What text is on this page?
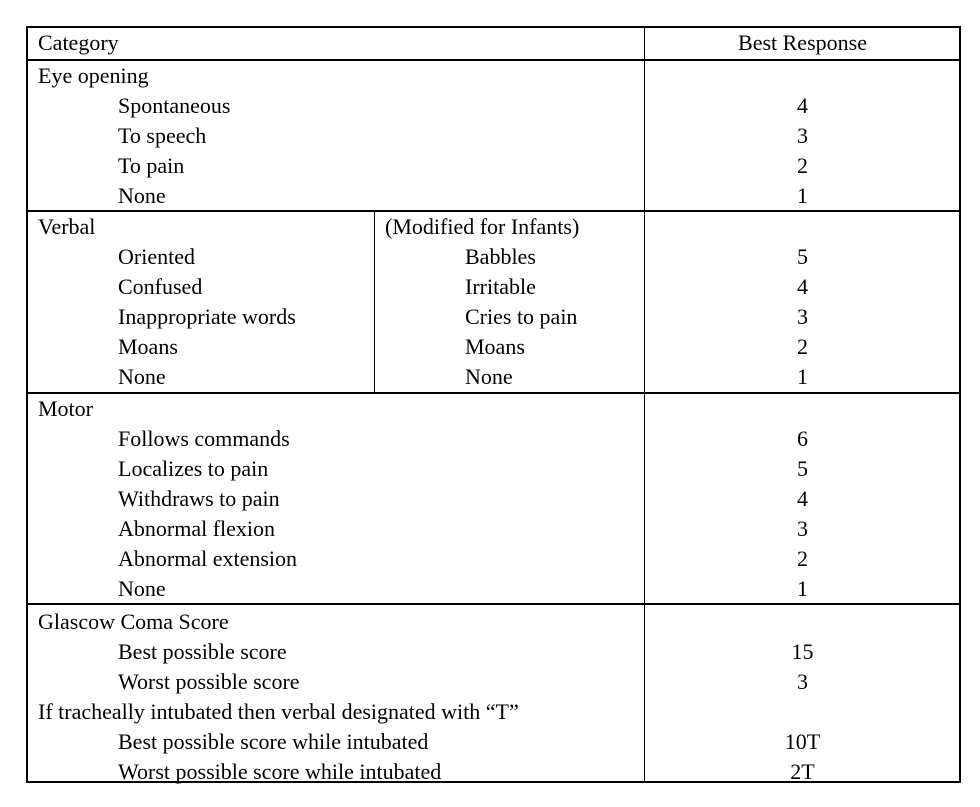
Category	Best Response
Eye opening
Spontaneous	4
To speech	3
To pain	2
None	1
Verbal	(Modified for Infants)
Oriented	Babbles	5
Confused	Irritable	4
Inappropriate words	Cries to pain	3
Moans	Moans	2
None	None	1
Motor
Follows commands	6
Localizes to pain	5
Withdraws to pain	4
Abnormal flexion	3
Abnormal extension	2
None	1
Glascow Coma Score
Best possible score	15
Worst possible score	3
If tracheally intubated then verbal designated with “T”
Best possible score while intubated	10T
Worst possible score while intubated	2T
